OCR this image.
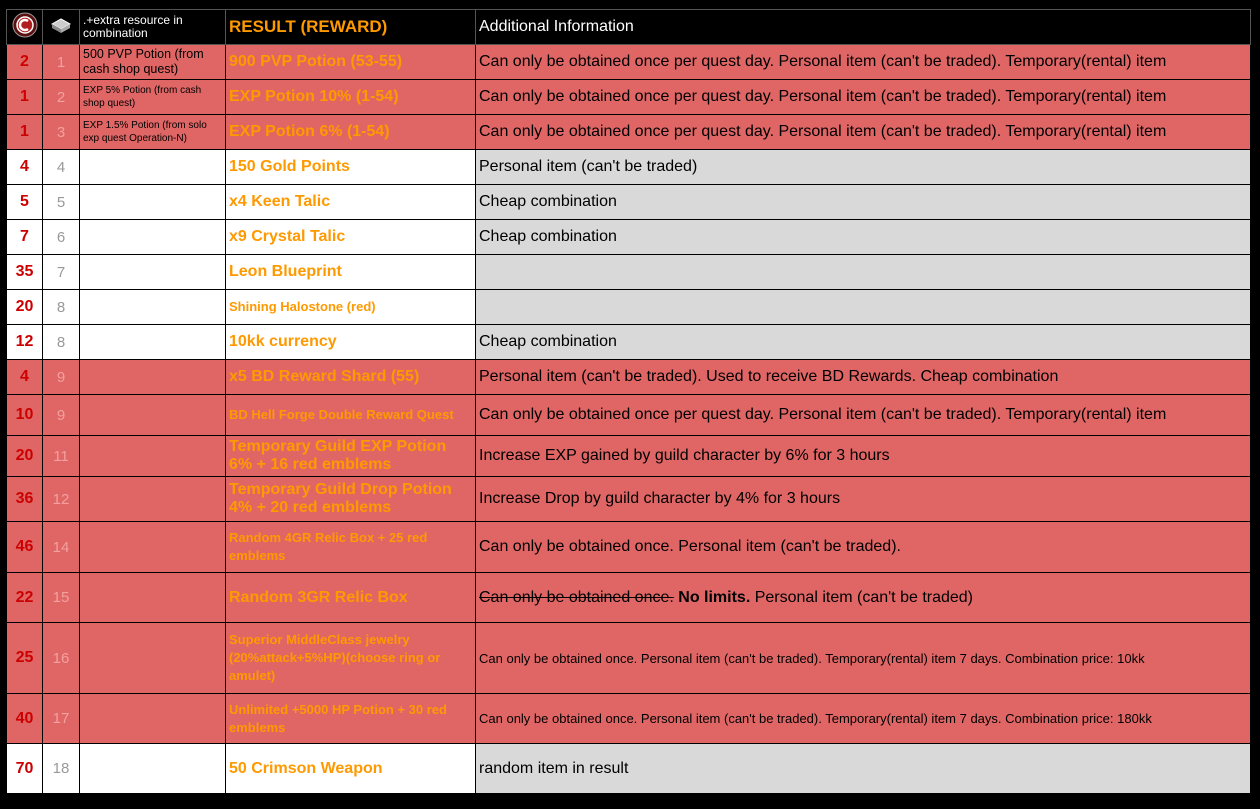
		.+extra resource in combination	RESULT (REWARD)	Additional Information
2	1	500 PVP Potion (from cash shop quest)	900 PVP Potion (53-55)	Can only be obtained once per quest day. Personal item (can't be traded). Temporary(rental) item
1	2	EXP 5% Potion (from cash shop quest)	EXP Potion 10% (1-54)	Can only be obtained once per quest day. Personal item (can't be traded). Temporary(rental) item
1	3	EXP 1.5% Potion (from solo exp quest Operation-N)	EXP Potion 6% (1-54)	Can only be obtained once per quest day. Personal item (can't be traded). Temporary(rental) item
4	4		150 Gold Points	Personal item (can't be traded)
5	5		x4 Keen Talic	Cheap combination
7	6		x9 Crystal Talic	Cheap combination
35	7		Leon Blueprint	
20	8		Shining Halostone (red)	
12	8		10kk currency	Cheap combination
4	9		x5 BD Reward Shard (55)	Personal item (can't be traded). Used to receive BD Rewards. Cheap combination
10	9		BD Hell Forge Double Reward Quest	Can only be obtained once per quest day. Personal item (can't be traded). Temporary(rental) item
20	11		Temporary Guild EXP Potion 6% + 16 red emblems	Increase EXP gained by guild character by 6% for 3 hours
36	12		Temporary Guild Drop Potion 4% + 20 red emblems	Increase Drop by guild character by 4% for 3 hours
46	14		Random 4GR Relic Box + 25 red emblems	Can only be obtained once. Personal item (can't be traded).
22	15		Random 3GR Relic Box	Can only be obtained once. No limits. Personal item (can't be traded)
25	16		Superior MiddleClass jewelry (20%attack+5%HP)(choose ring or amulet)	Can only be obtained once. Personal item (can't be traded). Temporary(rental) item 7 days. Combination price: 10kk
40	17		Unlimited +5000 HP Potion + 30 red emblems	Can only be obtained once. Personal item (can't be traded). Temporary(rental) item 7 days. Combination price: 180kk
70	18		50 Crimson Weapon	random item in result
